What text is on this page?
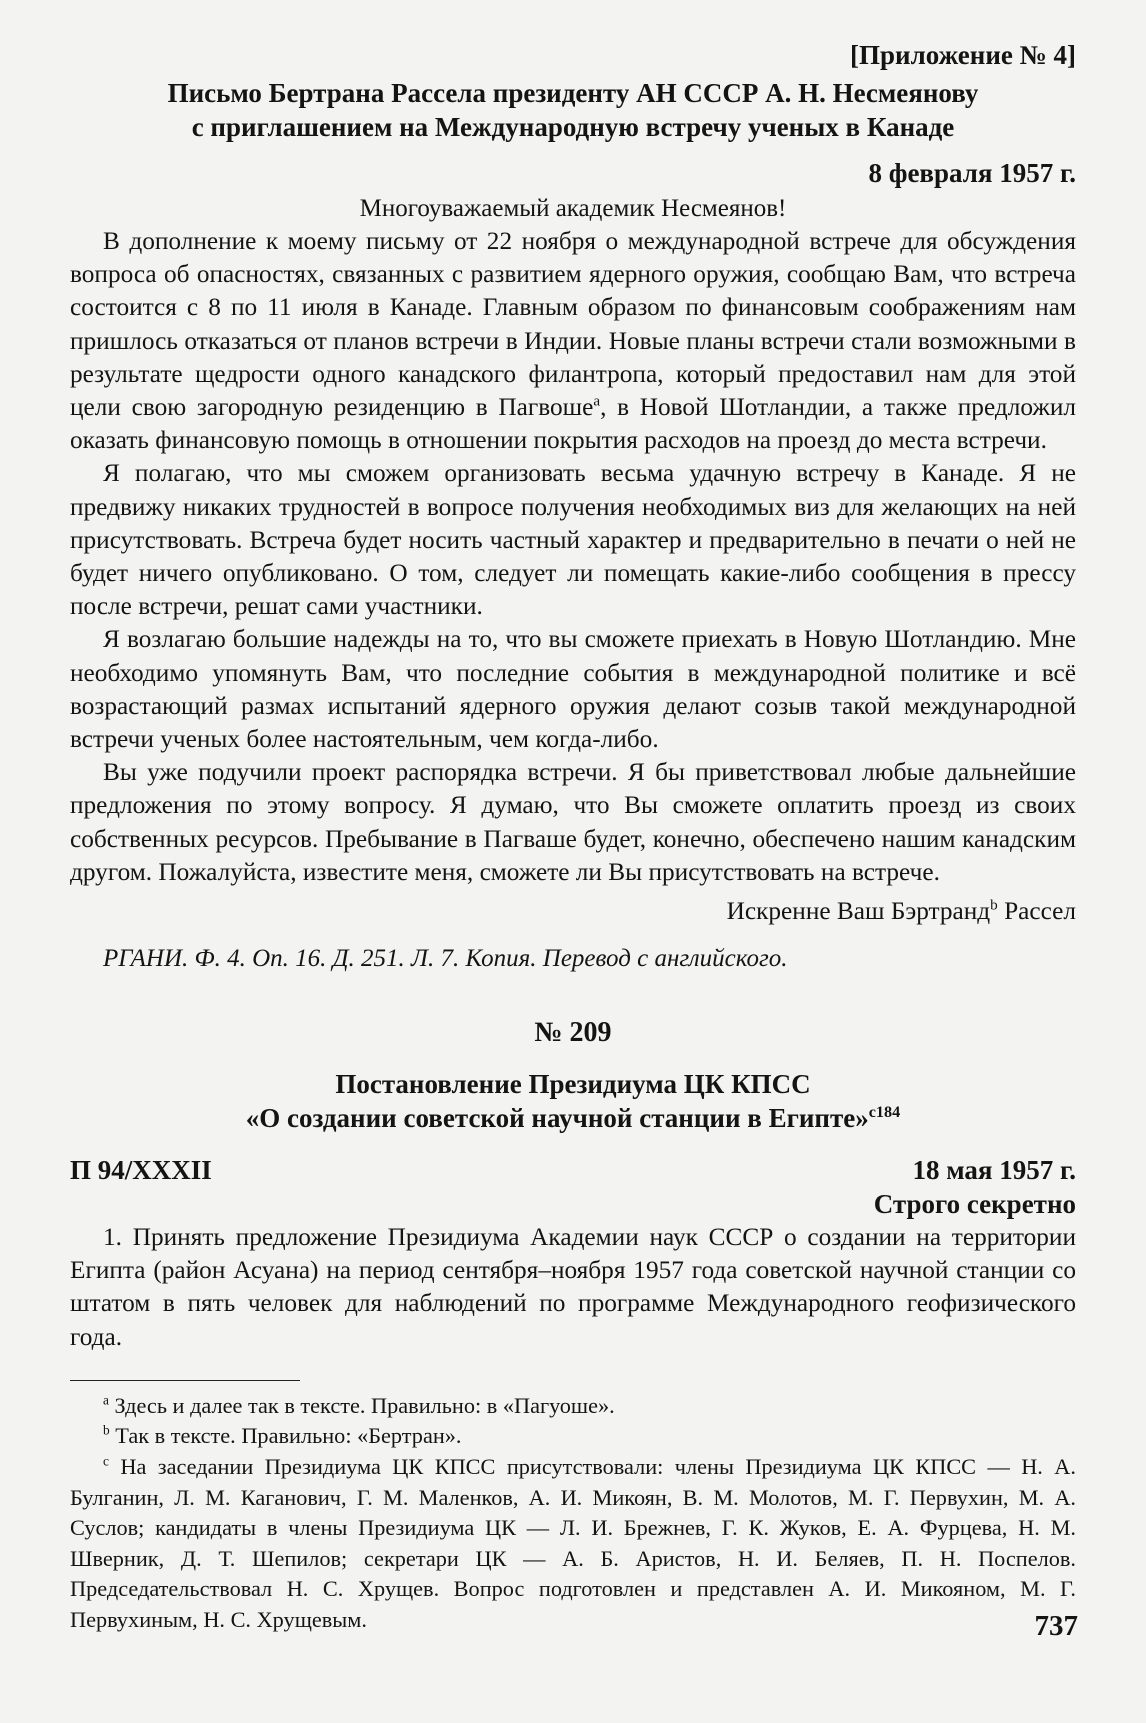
[Приложение № 4]
Письмо Бертрана Рассела президенту АН СССР А. Н. Несмеянову
с приглашением на Международную встречу ученых в Канаде
8 февраля 1957 г.
Многоуважаемый академик Несмеянов!

В дополнение к моему письму от 22 ноября о международной встрече для обсуждения вопроса об опасностях, связанных с развитием ядерного оружия, сообщаю Вам, что встреча состоится с 8 по 11 июля в Канаде. Главным образом по финансовым соображениям нам пришлось отказаться от планов встречи в Индии. Новые планы встречи стали возможными в результате щедрости одного канадского филантропа, который предоставил нам для этой цели свою загородную резиденцию в Пагвоше$^a$, в Новой Шотландии, а также предложил оказать финансовую помощь в отношении покрытия расходов на проезд до места встречи.

Я полагаю, что мы сможем организовать весьма удачную встречу в Канаде. Я не предвижу никаких трудностей в вопросе получения необходимых виз для желающих на ней присутствовать. Встреча будет носить частный характер и предварительно в печати о ней не будет ничего опубликовано. О том, следует ли помещать какие-либо сообщения в прессу после встречи, решат сами участники.

Я возлагаю большие надежды на то, что вы сможете приехать в Новую Шотландию. Мне необходимо упомянуть Вам, что последние события в международной политике и всё возрастающий размах испытаний ядерного оружия делают созыв такой международной встречи ученых более настоятельным, чем когда-либо.

Вы уже подучили проект распорядка встречи. Я бы приветствовал любые дальнейшие предложения по этому вопросу. Я думаю, что Вы сможете оплатить проезд из своих собственных ресурсов. Пребывание в Пагваше будет, конечно, обеспечено нашим канадским другом. Пожалуйста, известите меня, сможете ли Вы присутствовать на встрече.

Искренне Ваш Бэртранд$^b$ Рассел
РГАНИ. Ф. 4. Оп. 16. Д. 251. Л. 7. Копия. Перевод с английского.
№ 209
Постановление Президиума ЦК КПСС
«О создании советской научной станции в Египте»$^{c184}$
П 94/XXXII	18 мая 1957 г.
Строго секретно

1. Принять предложение Президиума Академии наук СССР о создании на территории Египта (район Асуана) на период сентября–ноября 1957 года советской научной станции со штатом в пять человек для наблюдений по программе Международного геофизического года.

$^a$ Здесь и далее так в тексте. Правильно: в «Пагуоше».

$^b$ Так в тексте. Правильно: «Бертран».

$^c$ На заседании Президиума ЦК КПСС присутствовали: члены Президиума ЦК КПСС — Н. А. Булганин, Л. М. Каганович, Г. М. Маленков, А. И. Микоян, В. М. Молотов, М. Г. Первухин, М. А. Суслов; кандидаты в члены Президиума ЦК — Л. И. Брежнев, Г. К. Жуков, Е. А. Фурцева, Н. М. Шверник, Д. Т. Шепилов; секретари ЦК — А. Б. Аристов, Н. И. Беляев, П. Н. Поспелов. Председательствовал Н. С. Хрущев. Вопрос подготовлен и представлен А. И. Микояном, М. Г. Первухиным, Н. С. Хрущевым.	737
